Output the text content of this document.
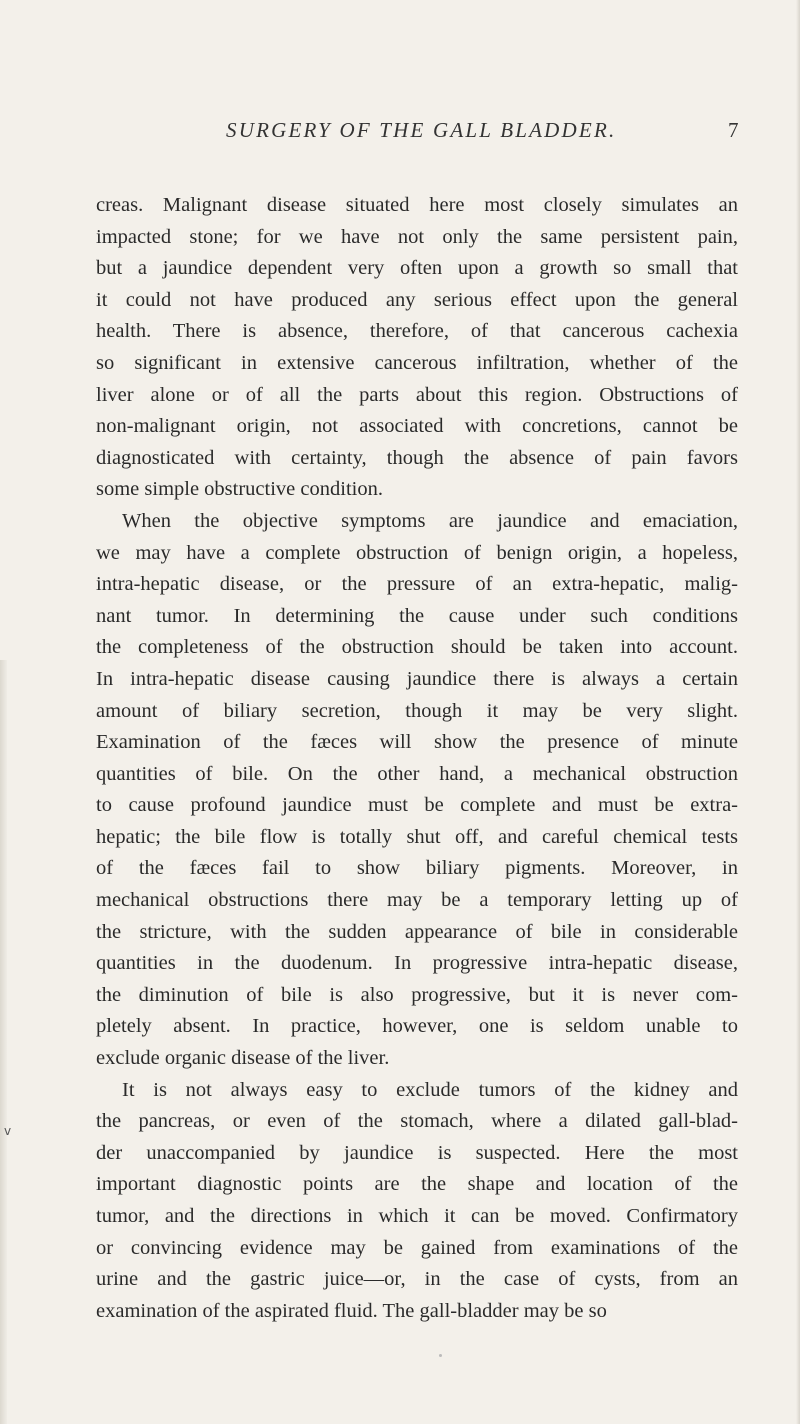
SURGERY OF THE GALL BLADDER.	7
creas. Malignant disease situated here most closely simulates an
impacted stone; for we have not only the same persistent pain,
but a jaundice dependent very often upon a growth so small that
it could not have produced any serious effect upon the general
health. There is absence, therefore, of that cancerous cachexia
so significant in extensive cancerous infiltration, whether of the
liver alone or of all the parts about this region. Obstructions of
non-malignant origin, not associated with concretions, cannot be
diagnosticated with certainty, though the absence of pain favors
some simple obstructive condition.
When the objective symptoms are jaundice and emaciation,
we may have a complete obstruction of benign origin, a hopeless,
intra-hepatic disease, or the pressure of an extra-hepatic, malig-
nant tumor. In determining the cause under such conditions
the completeness of the obstruction should be taken into account.
In intra-hepatic disease causing jaundice there is always a certain
amount of biliary secretion, though it may be very slight.
Examination of the fæces will show the presence of minute
quantities of bile. On the other hand, a mechanical obstruction
to cause profound jaundice must be complete and must be extra-
hepatic; the bile flow is totally shut off, and careful chemical tests
of the fæces fail to show biliary pigments. Moreover, in
mechanical obstructions there may be a temporary letting up of
the stricture, with the sudden appearance of bile in considerable
quantities in the duodenum. In progressive intra-hepatic disease,
the diminution of bile is also progressive, but it is never com-
pletely absent. In practice, however, one is seldom unable to
exclude organic disease of the liver.
It is not always easy to exclude tumors of the kidney and
the pancreas, or even of the stomach, where a dilated gall-blad-
der unaccompanied by jaundice is suspected. Here the most
important diagnostic points are the shape and location of the
tumor, and the directions in which it can be moved. Confirmatory
or convincing evidence may be gained from examinations of the
urine and the gastric juice—or, in the case of cysts, from an
examination of the aspirated fluid. The gall-bladder may be so
v
